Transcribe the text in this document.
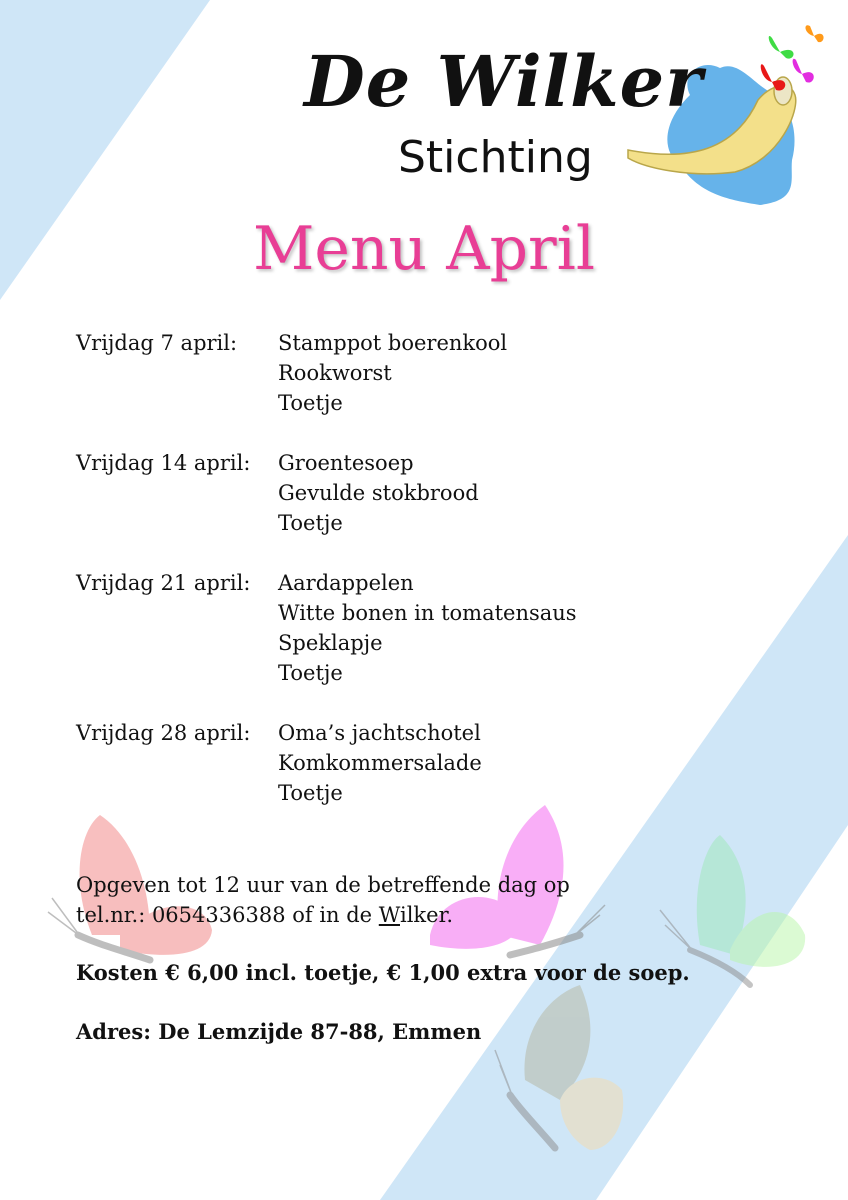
De Wilker
Stichting
Menu April
Vrijdag 7 april:	Stamppot boerenkool
Rookworst
Toetje
Vrijdag 14 april:	Groentesoep
Gevulde stokbrood
Toetje
Vrijdag 21 april:	Aardappelen
Witte bonen in tomatensaus
Speklapje
Toetje
Vrijdag 28 april:	Oma’s jachtschotel
Komkommersalade
Toetje
Opgeven tot 12 uur van de betreffende dag op
tel.nr.: 0654336388 of in de Wilker.
Kosten € 6,00 incl. toetje, € 1,00 extra voor de soep.
Adres: De Lemzijde 87-88, Emmen
